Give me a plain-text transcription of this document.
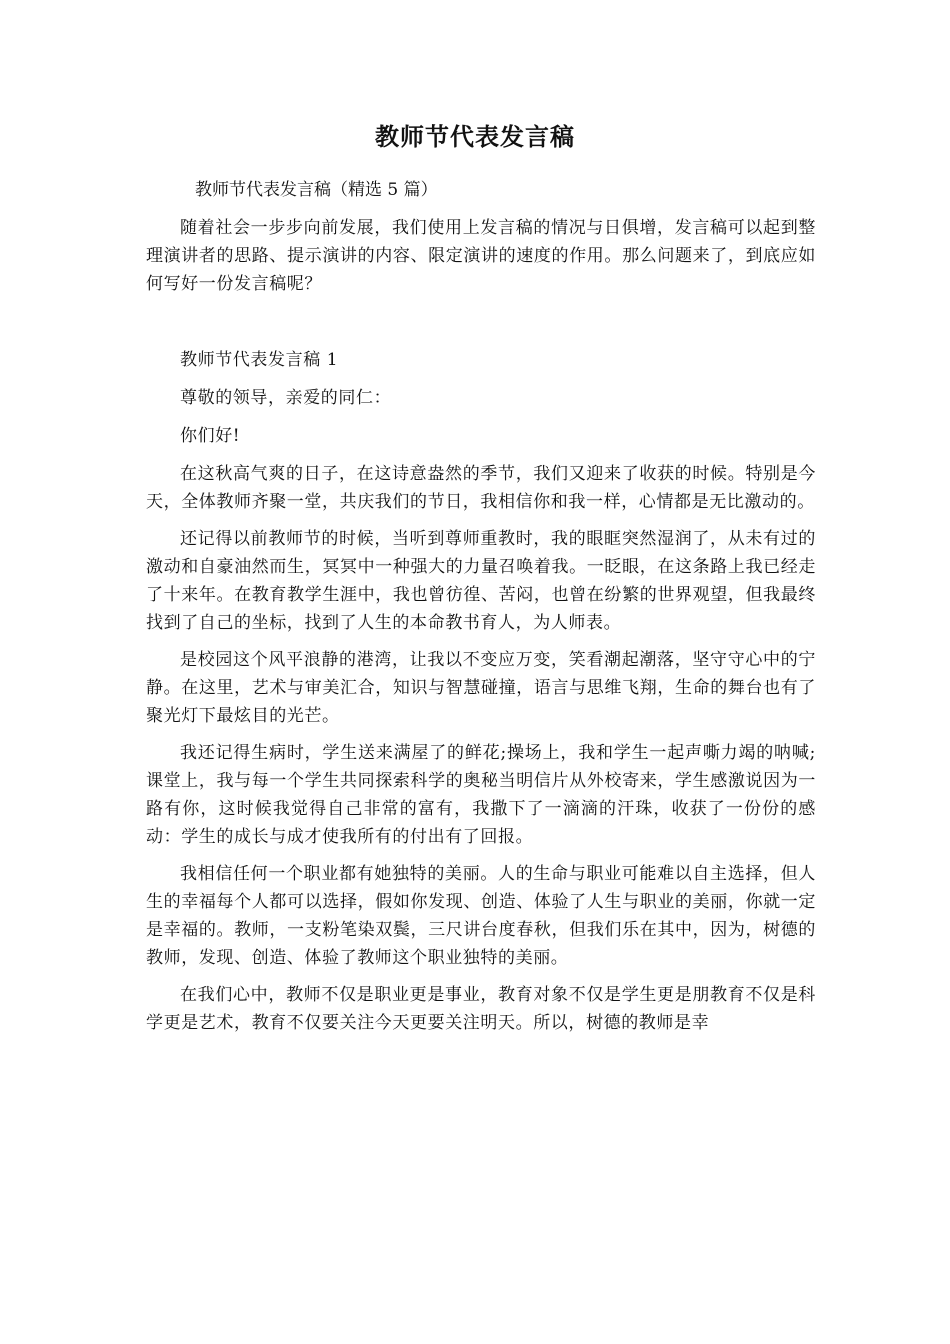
教师节代表发言稿
教师节代表发言稿（精选 5 篇）

随着社会一步步向前发展，我们使用上发言稿的情况与日俱增，发言稿可以起到整理演讲者的思路、提示演讲的内容、限定演讲的速度的作用。那么问题来了，到底应如何写好一份发言稿呢？

教师节代表发言稿 1

尊敬的领导，亲爱的同仁：

你们好!

在这秋高气爽的日子，在这诗意盎然的季节，我们又迎来了收获的时候。特别是今天，全体教师齐聚一堂，共庆我们的节日，我相信你和我一样，心情都是无比激动的。

还记得以前教师节的时候，当听到尊师重教时，我的眼眶突然湿润了，从未有过的激动和自豪油然而生，冥冥中一种强大的力量召唤着我。一眨眼，在这条路上我已经走了十来年。在教育教学生涯中，我也曾彷徨、苦闷，也曾在纷繁的世界观望，但我最终找到了自己的坐标，找到了人生的本命教书育人，为人师表。

是校园这个风平浪静的港湾，让我以不变应万变，笑看潮起潮落，坚守守心中的宁静。在这里，艺术与审美汇合，知识与智慧碰撞，语言与思维飞翔，生命的舞台也有了聚光灯下最炫目的光芒。

我还记得生病时，学生送来满屋了的鲜花;操场上，我和学生一起声嘶力竭的呐喊;课堂上，我与每一个学生共同探索科学的奥秘当明信片从外校寄来，学生感激说因为一路有你，这时候我觉得自己非常的富有，我撒下了一滴滴的汗珠，收获了一份份的感动：学生的成长与成才使我所有的付出有了回报。

我相信任何一个职业都有她独特的美丽。人的生命与职业可能难以自主选择，但人生的幸福每个人都可以选择，假如你发现、创造、体验了人生与职业的美丽，你就一定是幸福的。教师，一支粉笔染双鬓，三尺讲台度春秋，但我们乐在其中，因为，树德的教师，发现、创造、体验了教师这个职业独特的美丽。

在我们心中，教师不仅是职业更是事业，教育对象不仅是学生更是朋教育不仅是科学更是艺术，教育不仅要关注今天更要关注明天。所以，树德的教师是幸
